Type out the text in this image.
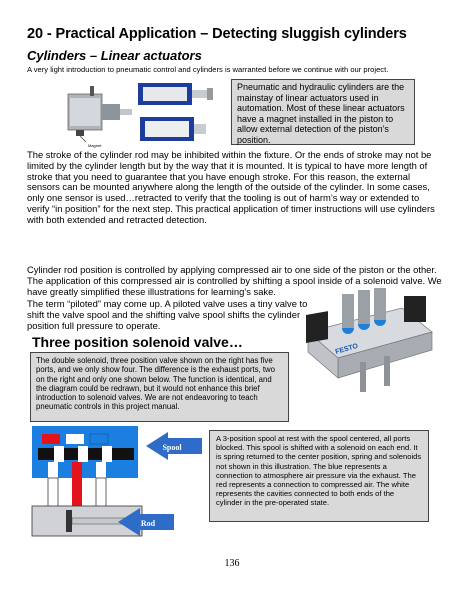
20 - Practical Application – Detecting sluggish cylinders
Cylinders – Linear actuators
A very light introduction to pneumatic control and cylinders is warranted before we continue with our project.
Magnet
Pneumatic and hydraulic cylinders are the mainstay of linear actuators used in automation. Most of these linear actuators have a magnet installed in the piston to allow external detection of the piston’s position.
The stroke of the cylinder rod may be inhibited within the fixture. Or the ends of stroke may not be limited by the cylinder length but by the way that it is mounted. It is typical to have more length of stroke that you need to guarantee that you have enough stroke. For this reason, the external sensors can be mounted anywhere along the length of the outside of the cylinder. In some cases, only one sensor is used…retracted to verify that the tooling is out of harm’s way or extended to verify “in position” for the next step. This practical application of timer instructions will use cylinders with both extended and retracted detection.
Cylinder rod position is controlled by applying compressed air to one side of the piston or the other. The application of this compressed air is controlled by shifting a spool inside of a solenoid valve. We have greatly simplified these illustrations for learning’s sake.
The term “piloted” may come up. A piloted valve uses a tiny valve to shift the valve spool and the shifting valve spool shifts the cylinder position full pressure to operate.
Three position solenoid valve…	FESTO
The double solenoid, three position valve shown on the right has five ports, and we only show four. The difference is the exhaust ports, two on the right and only one shown below. The function is identical, and the diagram could be redrawn, but it would not enhance this brief introduction to solenoid valves. We are not endeavoring to teach pneumatic controls in this project manual.
Spool
Rod
A 3-position spool at rest with the spool centered, all ports blocked. This spool is shifted with a solenoid on each end. It is spring returned to the center position, spring and solenoids not shown in this illustration. The blue represents a connection to atmosphere air pressure via the exhaust. The red represents a connection to compressed air. The white represents the cavities connected to both ends of the cylinder in the pre-operated state.
136
